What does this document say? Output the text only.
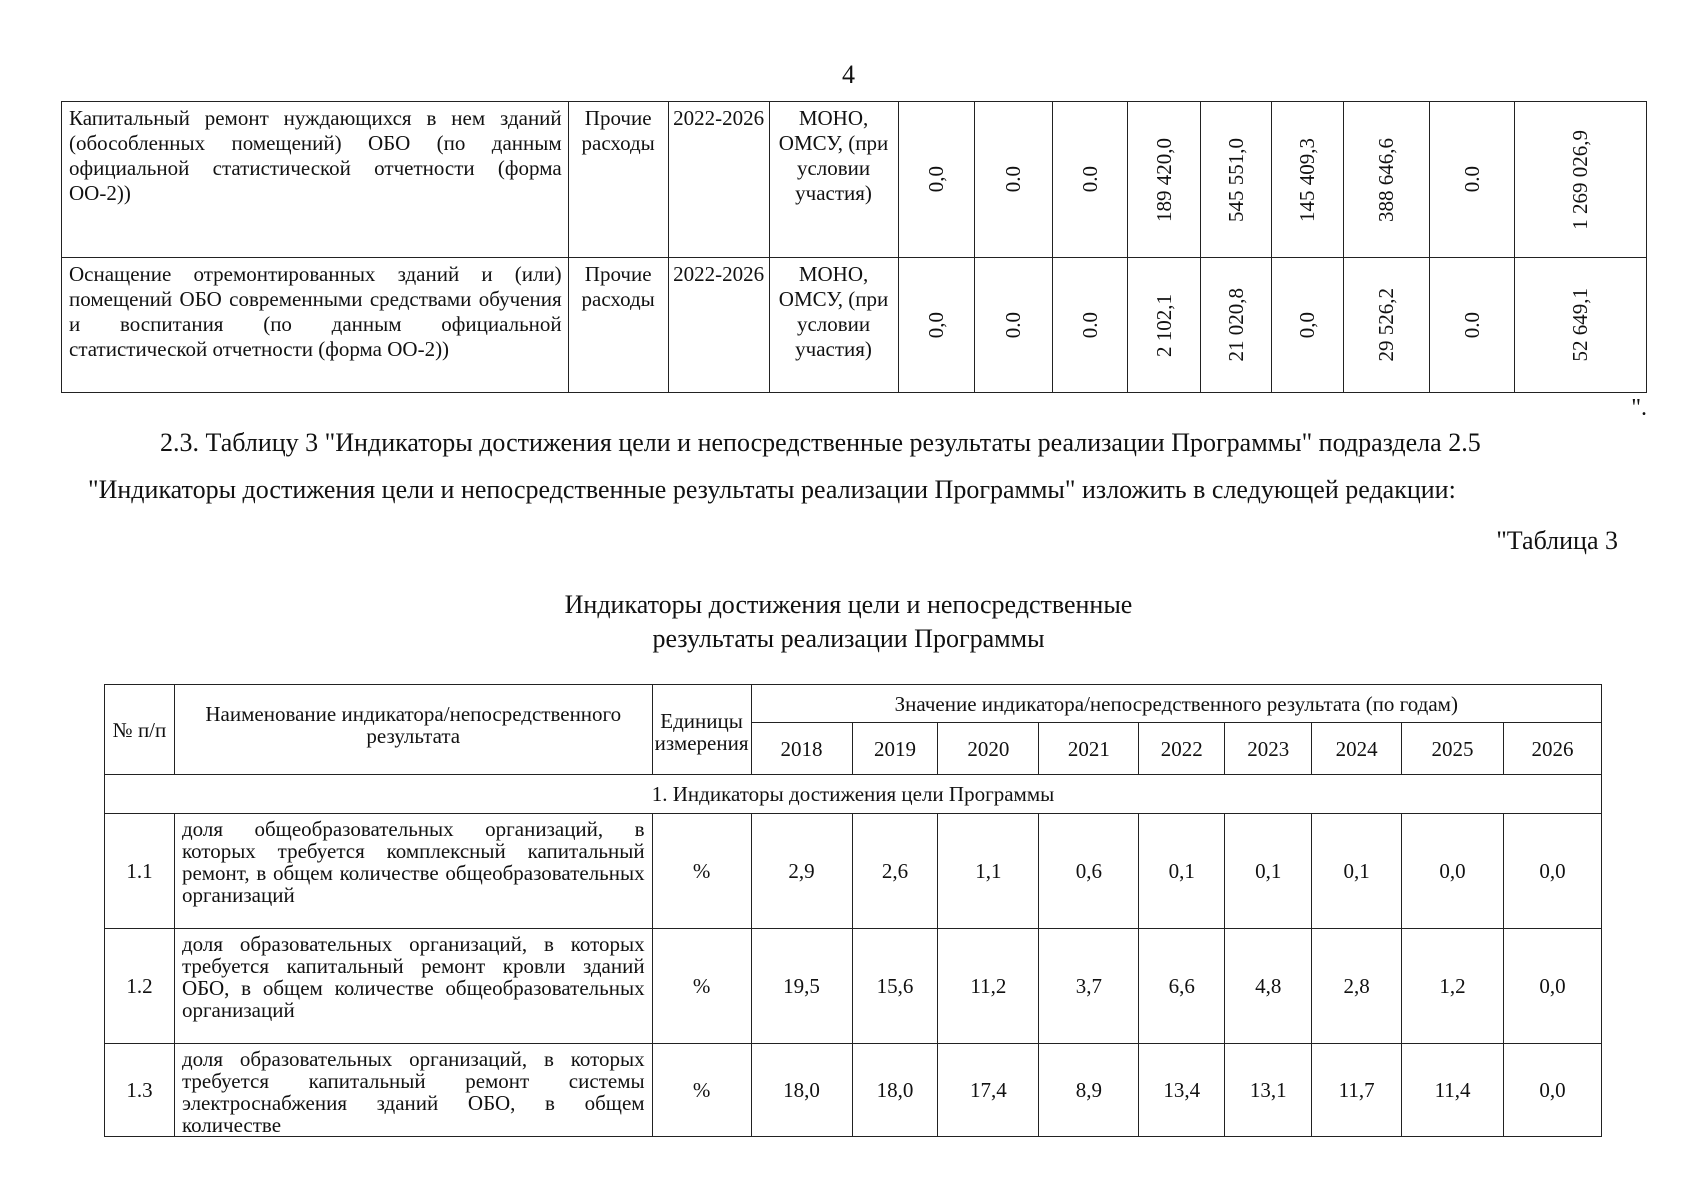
4
Капитальный ремонт нуждающихся в нем зданий (обособленных помещений) ОБО (по данным официальной статистической отчетности (форма ОО-2))	Прочие расходы	2022-2026	МОНО, ОМСУ, (при условии участия)	0,0	0.0	0.0	189 420,0	545 551,0	145 409,3	388 646,6	0.0	1 269 026,9

Оснащение отремонтированных зданий и (или) помещений ОБО современными средствами обучения и воспитания (по данным официальной статистической отчетности (форма ОО-2))	Прочие расходы	2022-2026	МОНО, ОМСУ, (при условии участия)	0,0	0.0	0.0	2 102,1	21 020,8	0,0	29 526,2	0.0	52 649,1
".
2.3. Таблицу 3 "Индикаторы достижения цели и непосредственные результаты реализации Программы" подраздела 2.5
"Индикаторы достижения цели и непосредственные результаты реализации Программы" изложить в следующей редакции:
"Таблица 3
Индикаторы достижения цели и непосредственные
результаты реализации Программы
№ п/п	Наименование индикатора/непосредственного результата	Единицы измерения	Значение индикатора/непосредственного результата (по годам)								
			2018	2019	2020	2021	2022	2023	2024	2025	2026
1. Индикаторы достижения цели Программы											
1.1	доля общеобразовательных организаций, в которых требуется комплексный капитальный ремонт, в общем количестве общеобразовательных организаций	%	2,9	2,6	1,1	0,6	0,1	0,1	0,1	0,0	0,0
1.2	доля образовательных организаций, в которых требуется капитальный ремонт кровли зданий ОБО, в общем количестве общеобразовательных организаций	%	19,5	15,6	11,2	3,7	6,6	4,8	2,8	1,2	0,0
1.3	доля образовательных организаций, в которых требуется капитальный ремонт системы электроснабжения зданий ОБО, в общем количестве	%	18,0	18,0	17,4	8,9	13,4	13,1	11,7	11,4	0,0
